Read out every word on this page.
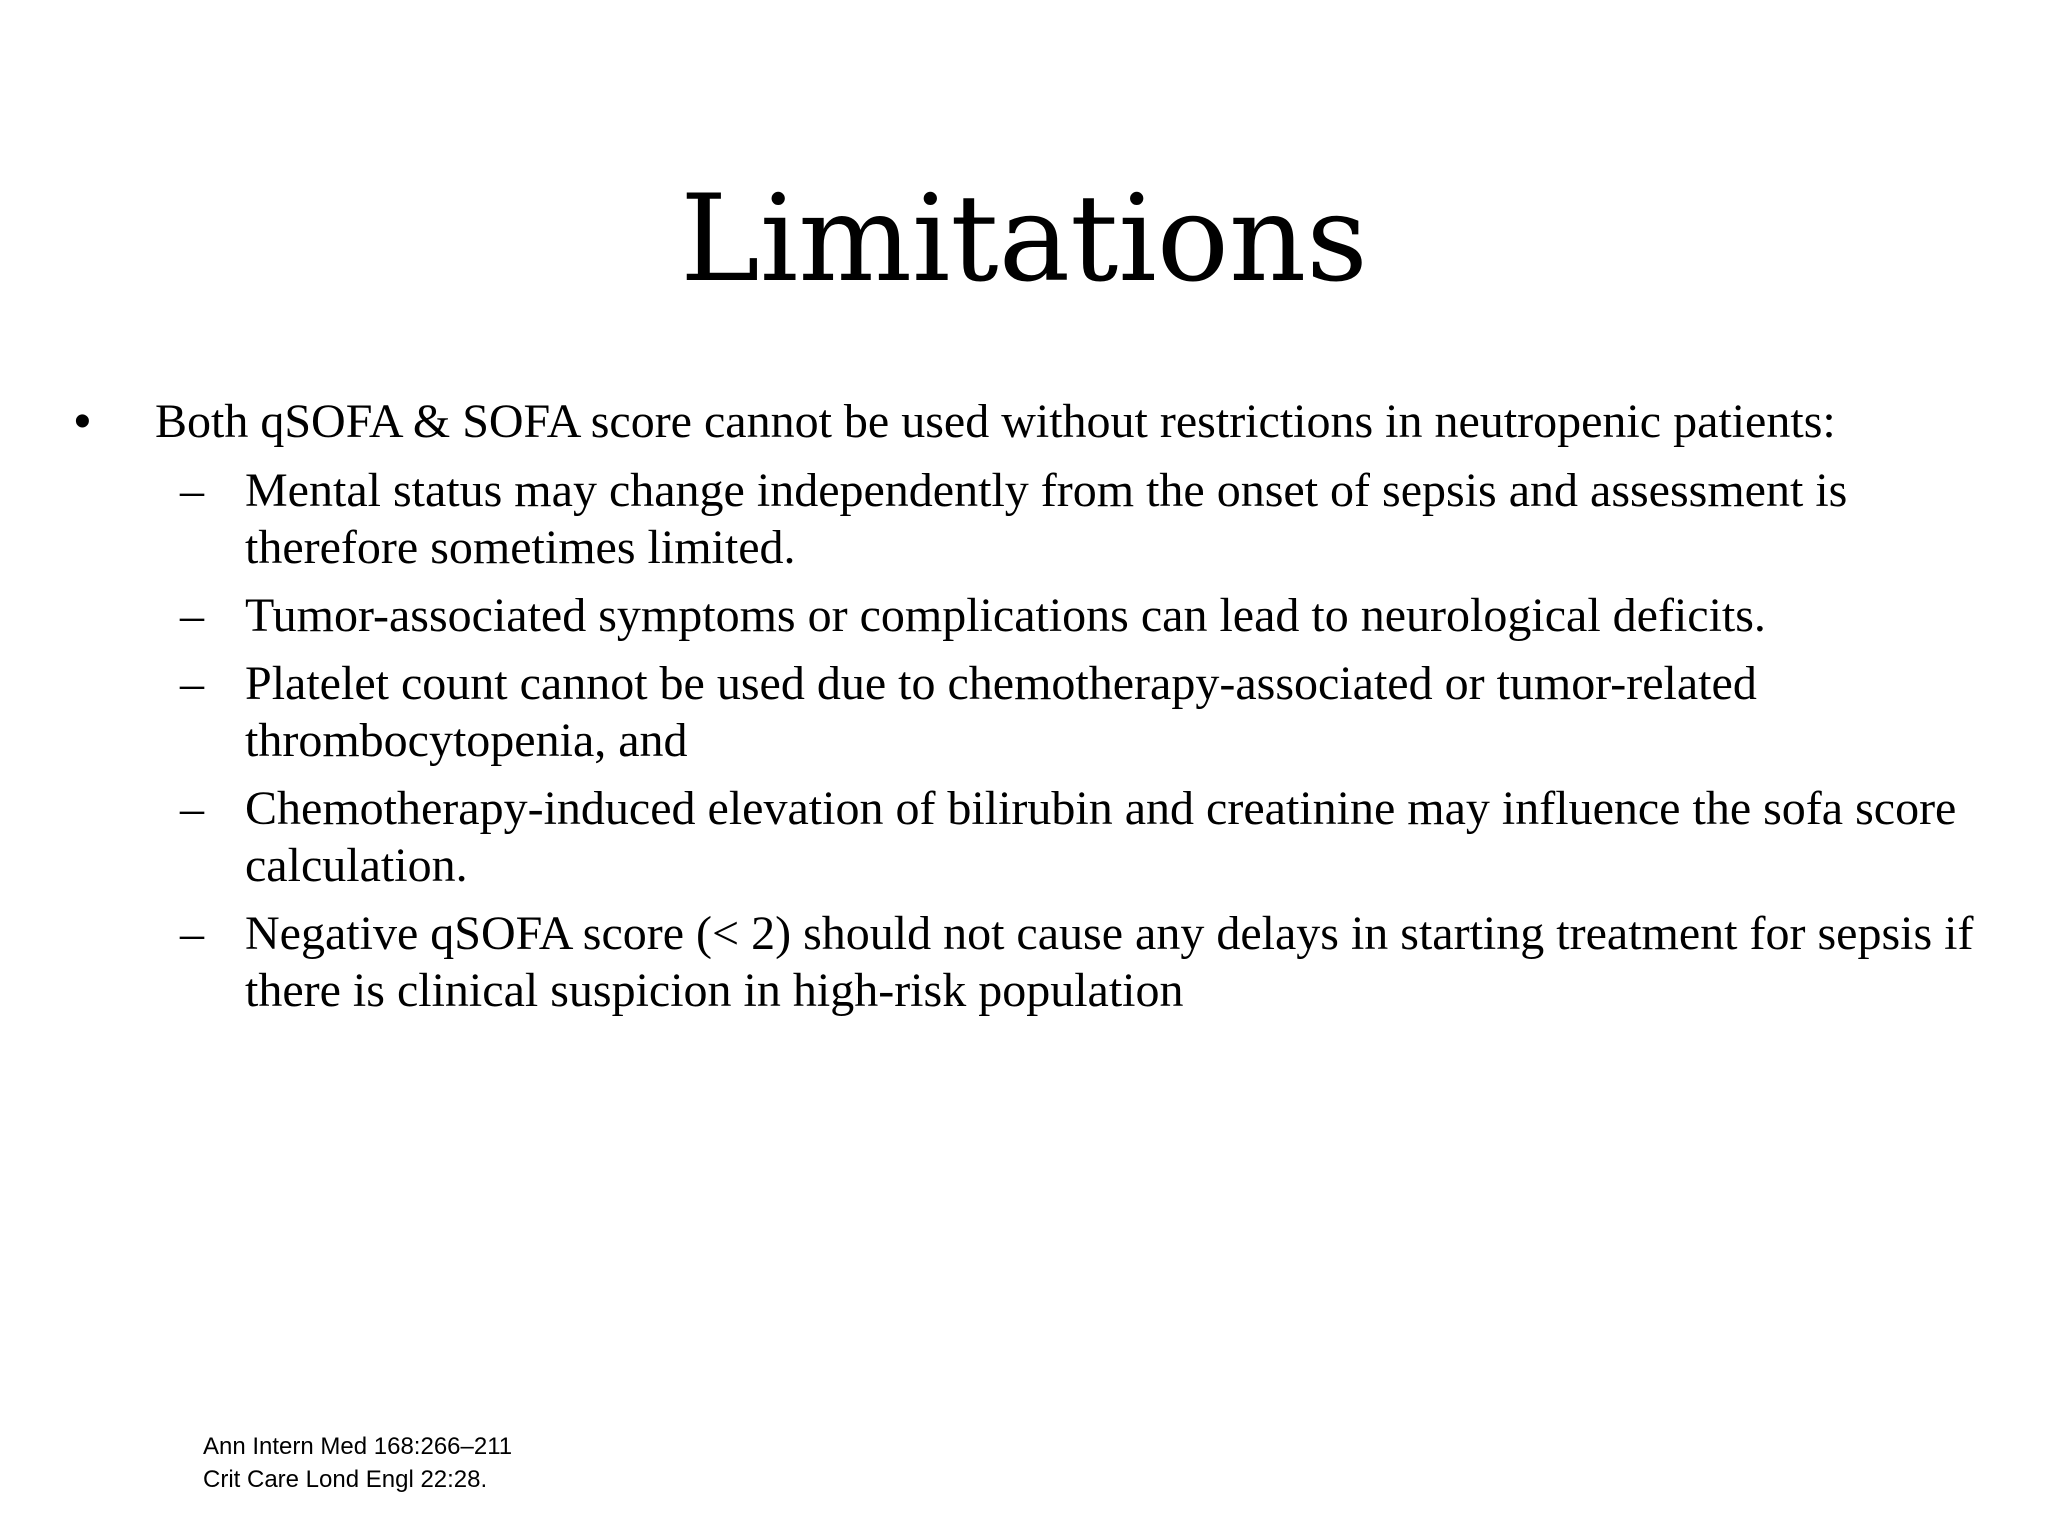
Limitations
• Both qSOFA & SOFA score cannot be used without restrictions in neutropenic patients:
– Mental status may change independently from the onset of sepsis and assessment is therefore sometimes limited.
– Tumor-associated symptoms or complications can lead to neurological deficits.
– Platelet count cannot be used due to chemotherapy-associated or tumor-related thrombocytopenia, and
– Chemotherapy-induced elevation of bilirubin and creatinine may influence the sofa score calculation.
– Negative qSOFA score (< 2) should not cause any delays in starting treatment for sepsis if there is clinical suspicion in high-risk population
Ann Intern Med 168:266–211
Crit Care Lond Engl 22:28.
